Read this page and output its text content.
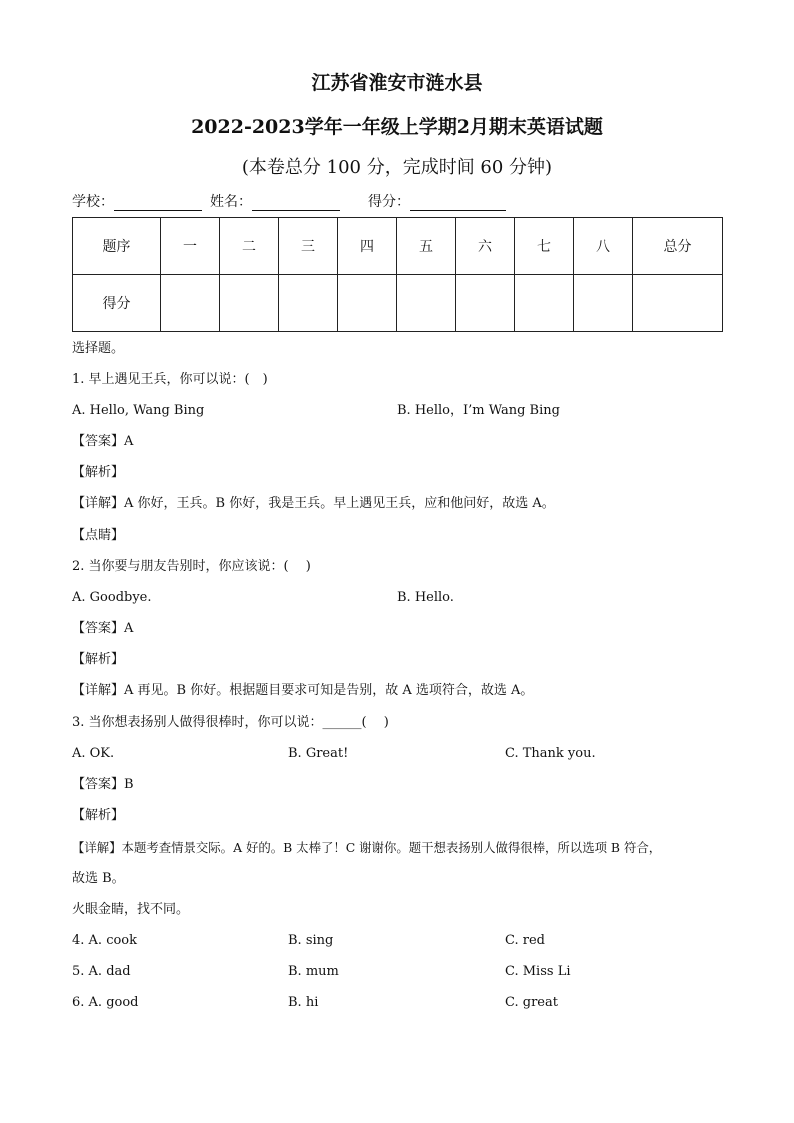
江苏省淮安市涟水县
2022-2023学年一年级上学期2月期末英语试题
(本卷总分 100 分，完成时间 60 分钟)
学校：	姓名：	得分：
题序	一	二	三	四	五	六	七	八	总分
得分									
选择题。
1. 早上遇见王兵，你可以说：(　)
A. Hello, Wang Bing	B. Hello，I’m Wang Bing
【答案】A
【解析】
【详解】A 你好，王兵。B 你好，我是王兵。早上遇见王兵，应和他问好，故选 A。
【点睛】
2. 当你要与朋友告别时，你应该说：(　 )
A. Goodbye.	B. Hello.
【答案】A
【解析】
【详解】A 再见。B 你好。根据题目要求可知是告别，故 A 选项符合，故选 A。
3. 当你想表扬别人做得很棒时，你可以说：______(　 )
A. OK.	B. Great!	C. Thank you.
【答案】B
【解析】
【详解】本题考查情景交际。A 好的。B 太棒了！C 谢谢你。题干想表扬别人做得很棒，所以选项 B 符合，
故选 B。
火眼金睛，找不同。
4. A. cook	B. sing	C. red
5. A. dad	B. mum	C. Miss Li
6. A. good	B. hi	C. great
